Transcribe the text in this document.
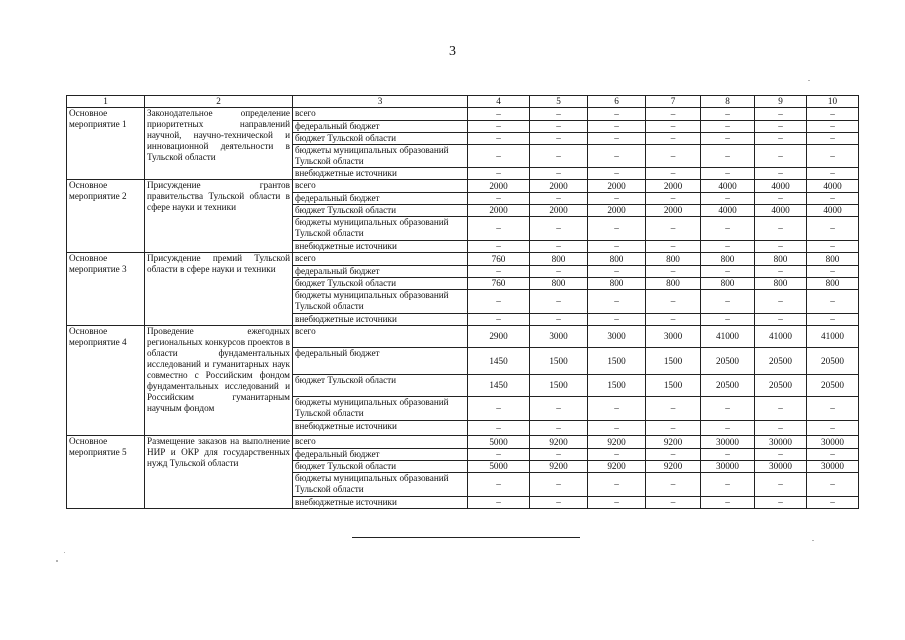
3
1	2	3	4	5	6	7	8	9	10
Основное мероприятие 1	Законодательное определение приоритетных направлений научной, научно-технической и инновационной деятельности в Тульской области	всего	–	–	–	–	–	–	–
		федеральный бюджет	–	–	–	–	–	–	–
		бюджет Тульской области	–	–	–	–	–	–	–
		бюджеты муниципальных образований Тульской области	–	–	–	–	–	–	–
		внебюджетные источники	–	–	–	–	–	–	–
Основное мероприятие 2	Присуждение грантов правительства Тульской области в сфере науки и техники	всего	2000	2000	2000	2000	4000	4000	4000
		федеральный бюджет	–	–	–	–	–	–	–
		бюджет Тульской области	2000	2000	2000	2000	4000	4000	4000
		бюджеты муниципальных образований Тульской области	–	–	–	–	–	–	–
		внебюджетные источники	–	–	–	–	–	–	–
Основное мероприятие 3	Присуждение премий Тульской области в сфере науки и техники	всего	760	800	800	800	800	800	800
		федеральный бюджет	–	–	–	–	–	–	–
		бюджет Тульской области	760	800	800	800	800	800	800
		бюджеты муниципальных образований Тульской области	–	–	–	–	–	–	–
		внебюджетные источники	–	–	–	–	–	–	–
Основное мероприятие 4	Проведение ежегодных региональных конкурсов проектов в области фундаментальных исследований и гуманитарных наук совместно с Российским фондом фундаментальных исследований и Российским гуманитарным научным фондом	всего	2900	3000	3000	3000	41000	41000	41000
		федеральный бюджет	1450	1500	1500	1500	20500	20500	20500
		бюджет Тульской области	1450	1500	1500	1500	20500	20500	20500
		бюджеты муниципальных образований Тульской области	–	–	–	–	–	–	–
		внебюджетные источники	–	–	–	–	–	–	–
Основное мероприятие 5	Размещение заказов на выполнение НИР и ОКР для государственных нужд Тульской области	всего	5000	9200	9200	9200	30000	30000	30000
		федеральный бюджет	–	–	–	–	–	–	–
		бюджет Тульской области	5000	9200	9200	9200	30000	30000	30000
		бюджеты муниципальных образований Тульской области	–	–	–	–	–	–	–
		внебюджетные источники	–	–	–	–	–	–	–
